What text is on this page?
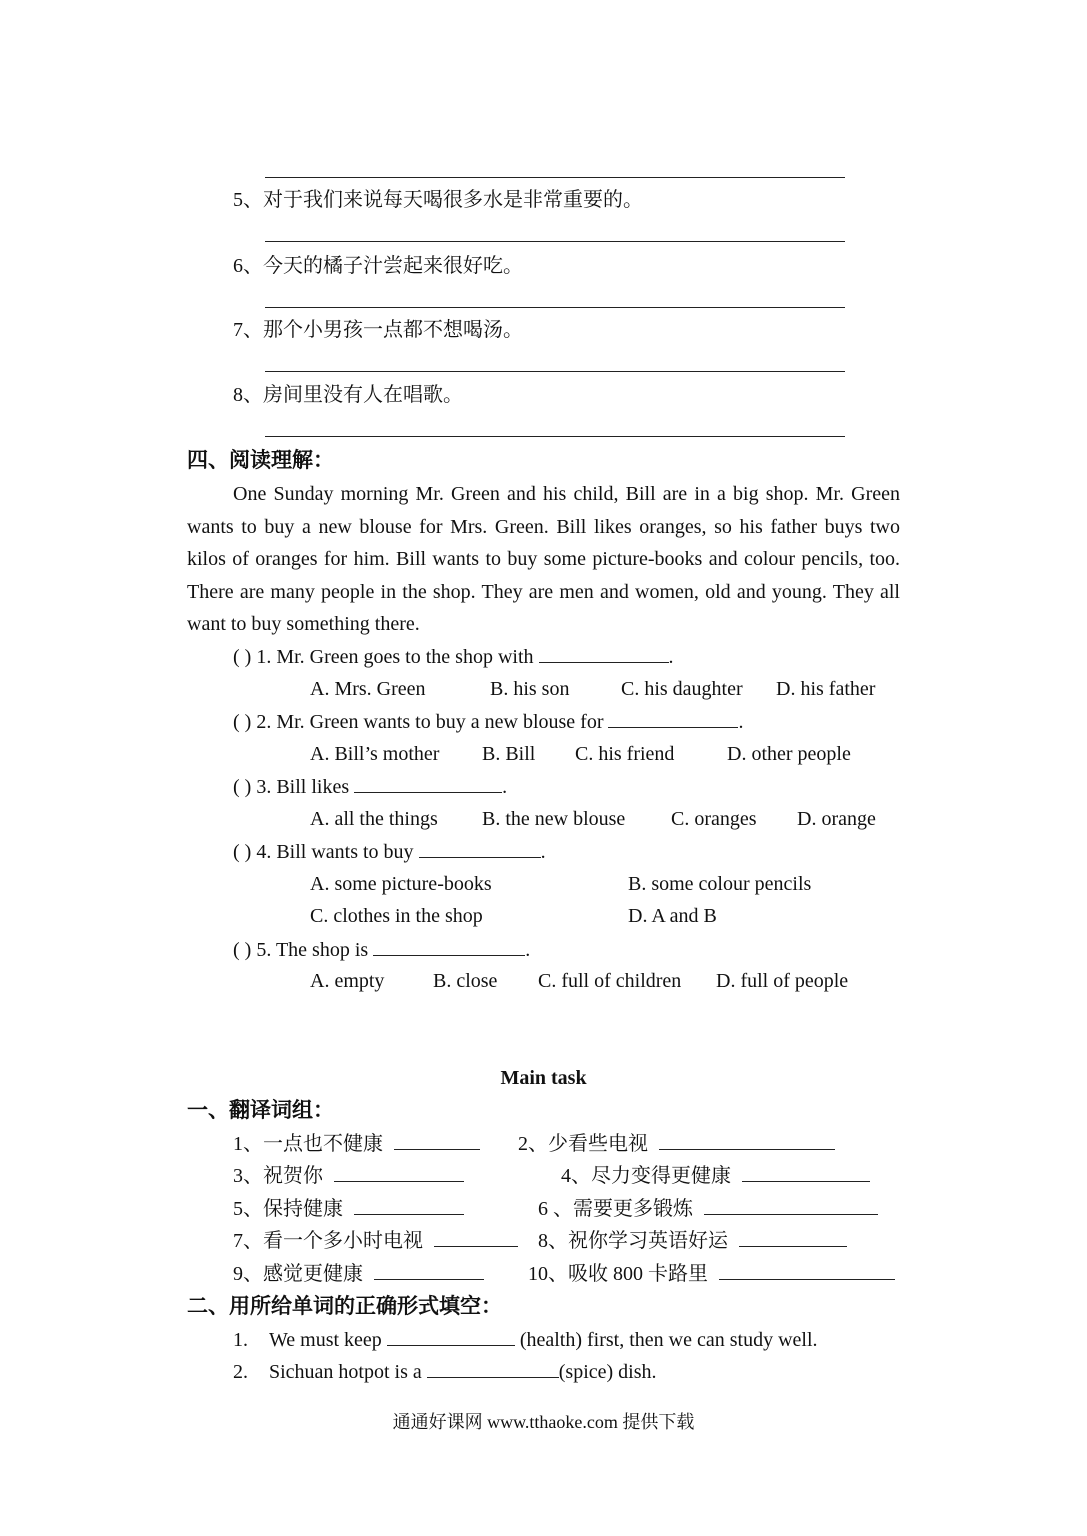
5、对于我们来说每天喝很多水是非常重要的。
6、今天的橘子汁尝起来很好吃。
7、那个小男孩一点都不想喝汤。
8、房间里没有人在唱歌。
四、阅读理解：

One Sunday morning Mr. Green and his child, Bill are in a big shop. Mr. Green wants to buy a new blouse for Mrs. Green. Bill likes oranges, so his father buys two kilos of oranges for him. Bill wants to buy some picture-books and colour pencils, too. There are many people in the shop. They are men and women, old and young. They all want to buy something there.

( ) 1. Mr. Green goes to the shop with	.
A. Mrs. Green	B. his son	C. his daughter D. his father
( ) 2. Mr. Green wants to buy a new blouse for	.
A. Bill’s mother B. Bill C. his friend	D. other people
( ) 3. Bill likes	.
A. all the things B. the new blouse C. oranges D. orange
( ) 4. Bill wants to buy	.
A. some picture-books	B. some colour pencils
C. clothes in the shop	D. A and B
( ) 5. The shop is	.
A. empty B. close C. full of children D. full of people
Main task
一、翻译词组：
1、一点也不健康	2、少看些电视
3、祝贺你	4、尽力变得更健康
5、保持健康	6 、需要更多锻炼
7、看一个多小时电视	8、祝你学习英语好运
9、感觉更健康	10、吸收 800 卡路里
二、用所给单词的正确形式填空：
1. We must keep	(health) first, then we can study well.
2. Sichuan hotpot is a	(spice) dish.
通通好课网 www.tthaoke.com 提供下载
